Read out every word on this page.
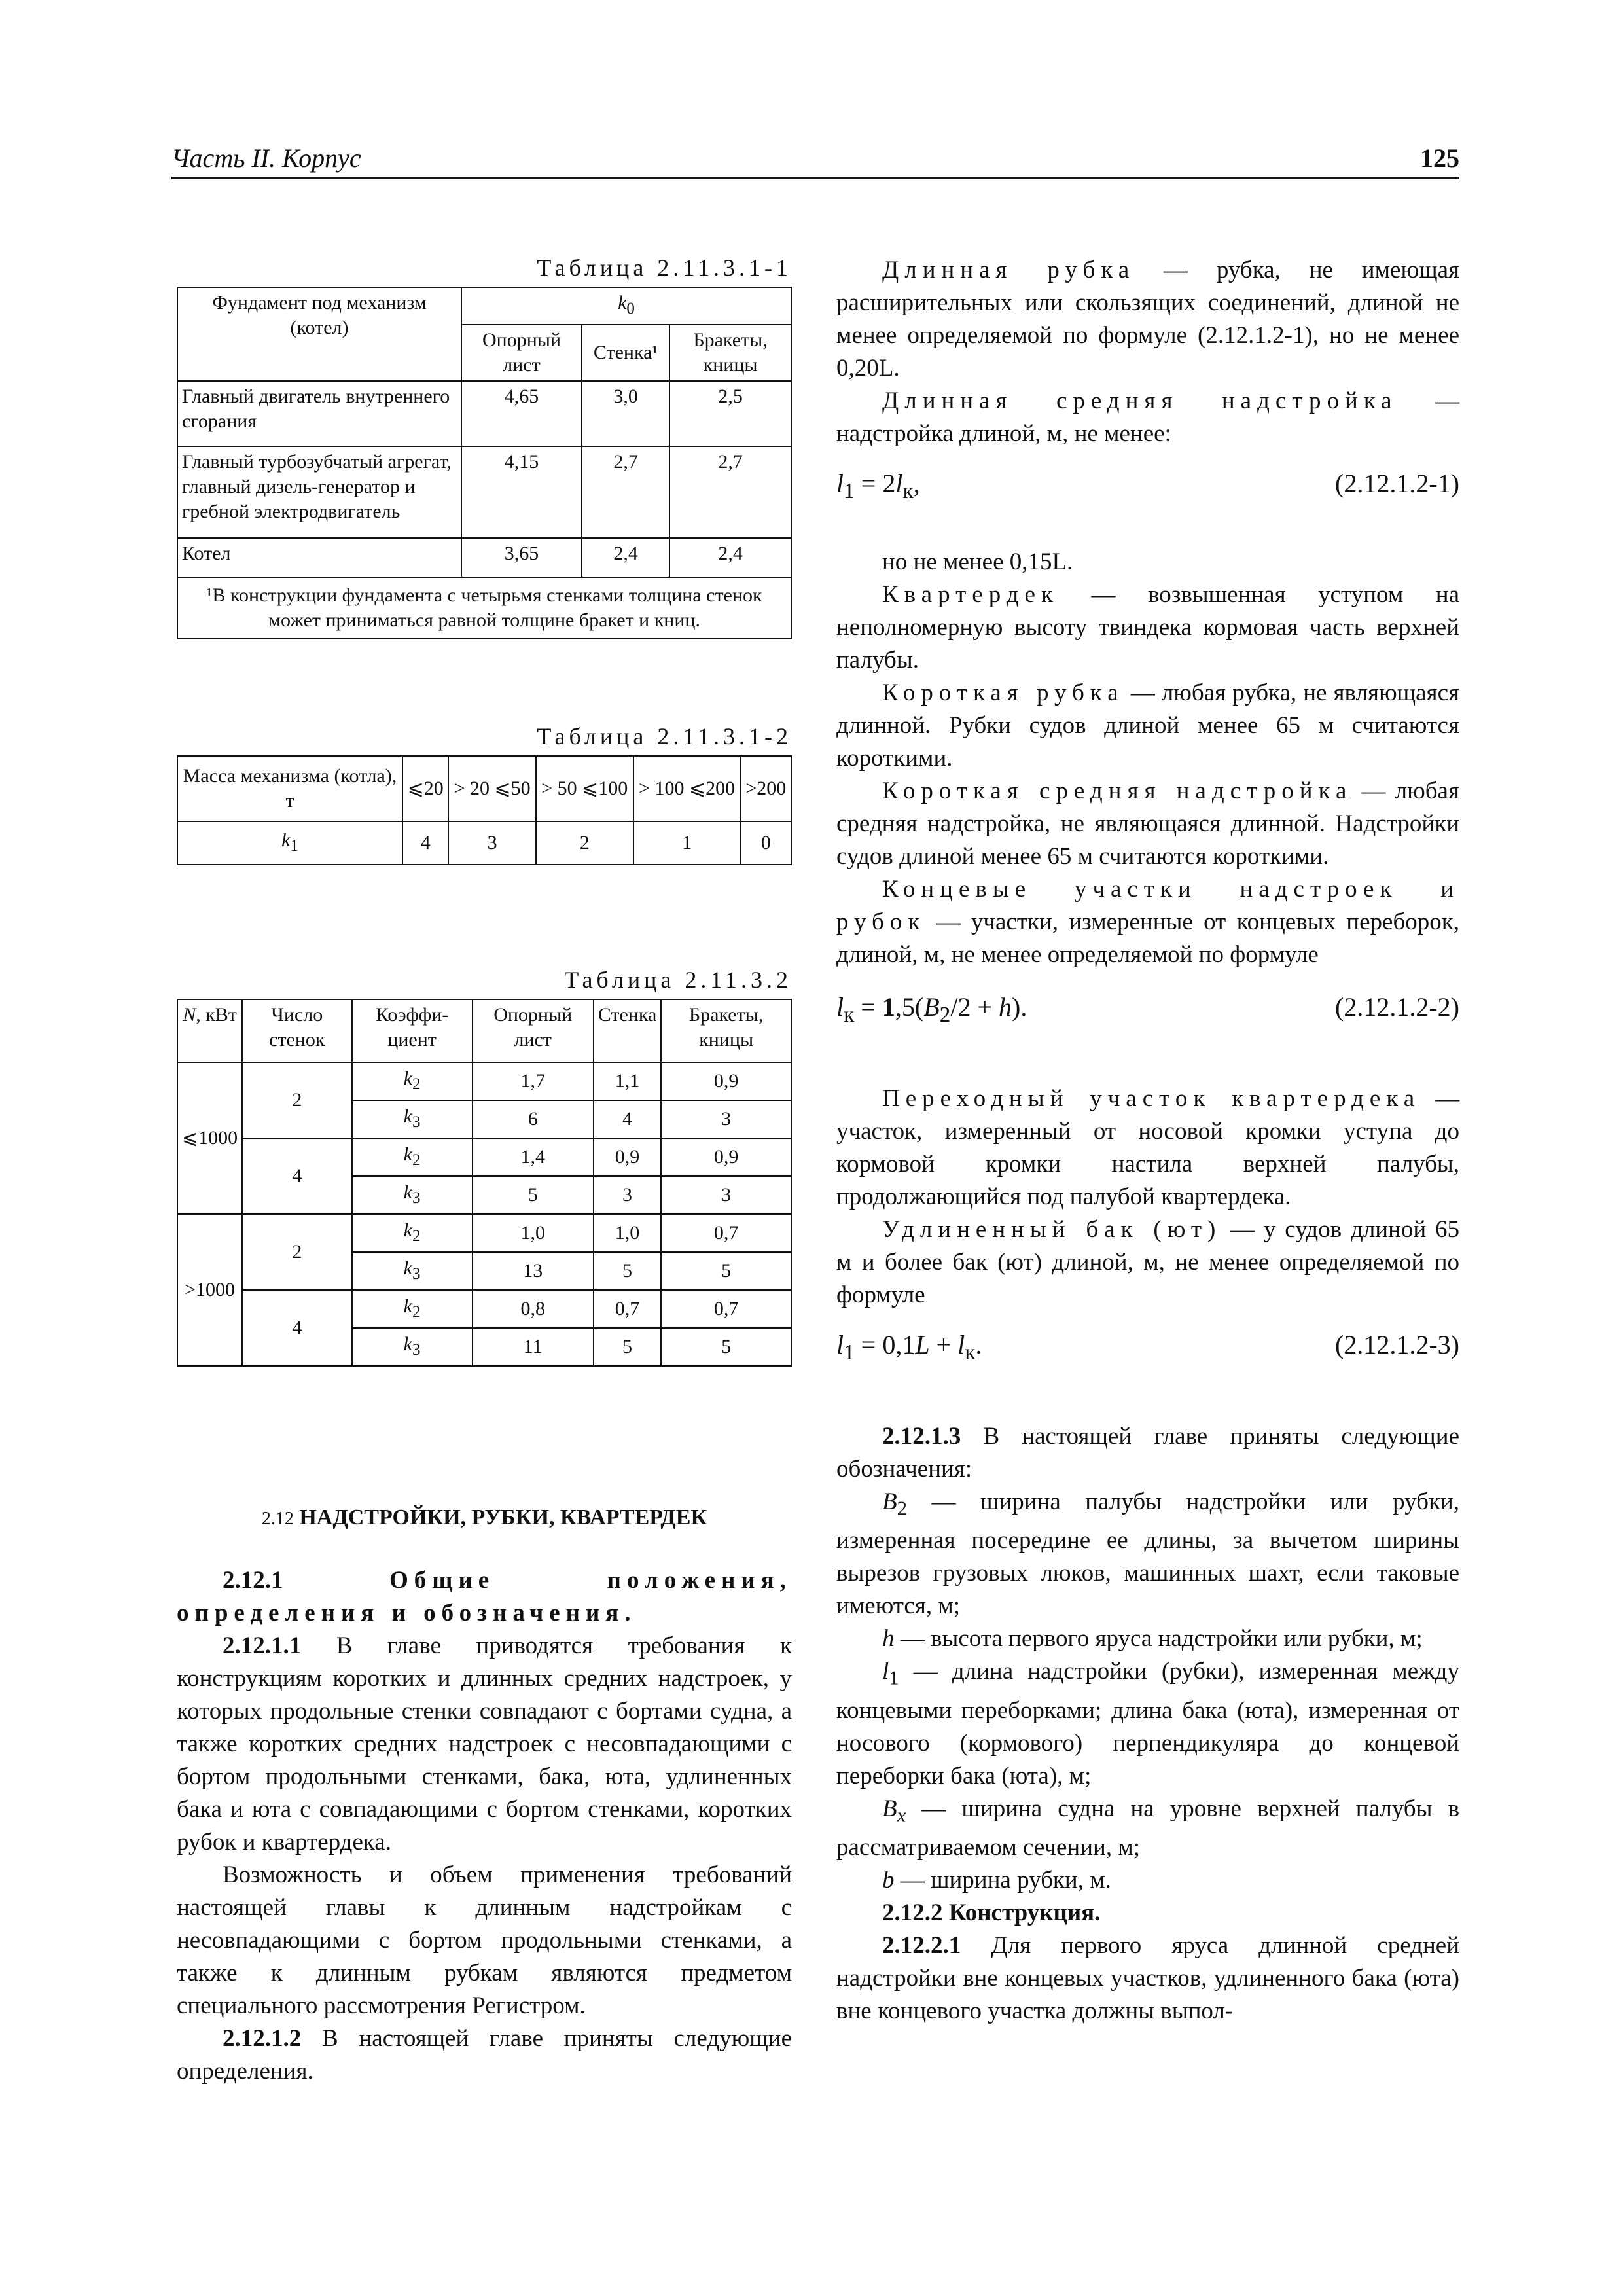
Часть II. Корпус	125
Таблица 2.11.3.1-1
Фундамент под механизм (котел)	$k_0$
	Опорный лист	Стенка¹	Бракеты, кницы
Главный двигатель внутреннего сгорания	4,65	3,0	2,5
Главный турбозубчатый агрегат, главный дизель-генератор и гребной электродвигатель	4,15	2,7	2,7
Котел	3,65	2,4	2,4
¹В конструкции фундамента с четырьмя стенками толщина стенок может приниматься равной толщине бракет и книц.			
Таблица 2.11.3.1-2
Масса механизма (котла), т	⩽20	> 20 ⩽50	> 50 ⩽100	> 100 ⩽200	>200
$k_1$	4	3	2	1	0
Таблица 2.11.3.2
N, кВт	Число стенок	Коэффи-циент	Опорный лист	Стенка	Бракеты, кницы
⩽1000	2	$k_2$	1,7	1,1	0,9
		$k_3$	6	4	3
	4	$k_2$	1,4	0,9	0,9
		$k_3$	5	3	3
>1000	2	$k_2$	1,0	1,0	0,7
		$k_3$	13	5	5
	4	$k_2$	0,8	0,7	0,7
		$k_3$	11	5	5
2.12 НАДСТРОЙКИ, РУБКИ, КВАРТЕРДЕК

2.12.1	Общие положения, определения и обозначения.

2.12.1.1 В главе приводятся требования к конструкциям коротких и длинных средних надстроек, у которых продольные стенки совпадают с бортами судна, а также коротких средних надстроек с несовпадающими с бортом продольными стенками, бака, юта, удлиненных бака и юта с совпадающими с бортом стенками, коротких рубок и квартердека.

Возможность и объем применения требований настоящей главы к длинным надстройкам с несовпадающими с бортом продольными стенками, а также к длинным рубкам являются предметом специального рассмотрения Регистром.

2.12.1.2 В настоящей главе приняты следующие определения.

Длинная рубка — рубка, не имеющая расширительных или скользящих соединений, длиной не менее определяемой по формуле (2.12.1.2-1), но не менее 0,20L.

Длинная средняя надстройка — надстройка длиной, м, не менее:

$l_1 = 2l_к$,	(2.12.1.2-1)

но не менее 0,15L.

Квартердек — возвышенная уступом на неполномерную высоту твиндека кормовая часть верхней палубы.

Короткая рубка — любая рубка, не являющаяся длинной. Рубки судов длиной менее 65 м считаются короткими.

Короткая средняя надстройка — любая средняя надстройка, не являющаяся длинной. Надстройки судов длиной менее 65 м считаются короткими.

Концевые участки надстроек и рубок — участки, измеренные от концевых переборок, длиной, м, не менее определяемой по формуле

$l_к = 1,5(B_2/2 + h)$.	(2.12.1.2-2)

Переходный участок квартердека — участок, измеренный от носовой кромки уступа до кормовой кромки настила верхней палубы, продолжающийся под палубой квартердека.

Удлиненный бак (ют) — у судов длиной 65 м и более бак (ют) длиной, м, не менее определяемой по формуле

$l_1 = 0,1L + l_к$.	(2.12.1.2-3)

2.12.1.3 В настоящей главе приняты следующие обозначения:

$B_2$ — ширина палубы надстройки или рубки, измеренная посередине ее длины, за вычетом ширины вырезов грузовых люков, машинных шахт, если таковые имеются, м;

h — высота первого яруса надстройки или рубки, м;

$l_1$ — длина надстройки (рубки), измеренная между концевыми переборками; длина бака (юта), измеренная от носового (кормового) перпендикуляра до концевой переборки бака (юта), м;

$B_x$ — ширина судна на уровне верхней палубы в рассматриваемом сечении, м;

b — ширина рубки, м.

2.12.2 Конструкция.

2.12.2.1 Для первого яруса длинной средней надстройки вне концевых участков, удлиненного бака (юта) вне концевого участка должны выпол-
